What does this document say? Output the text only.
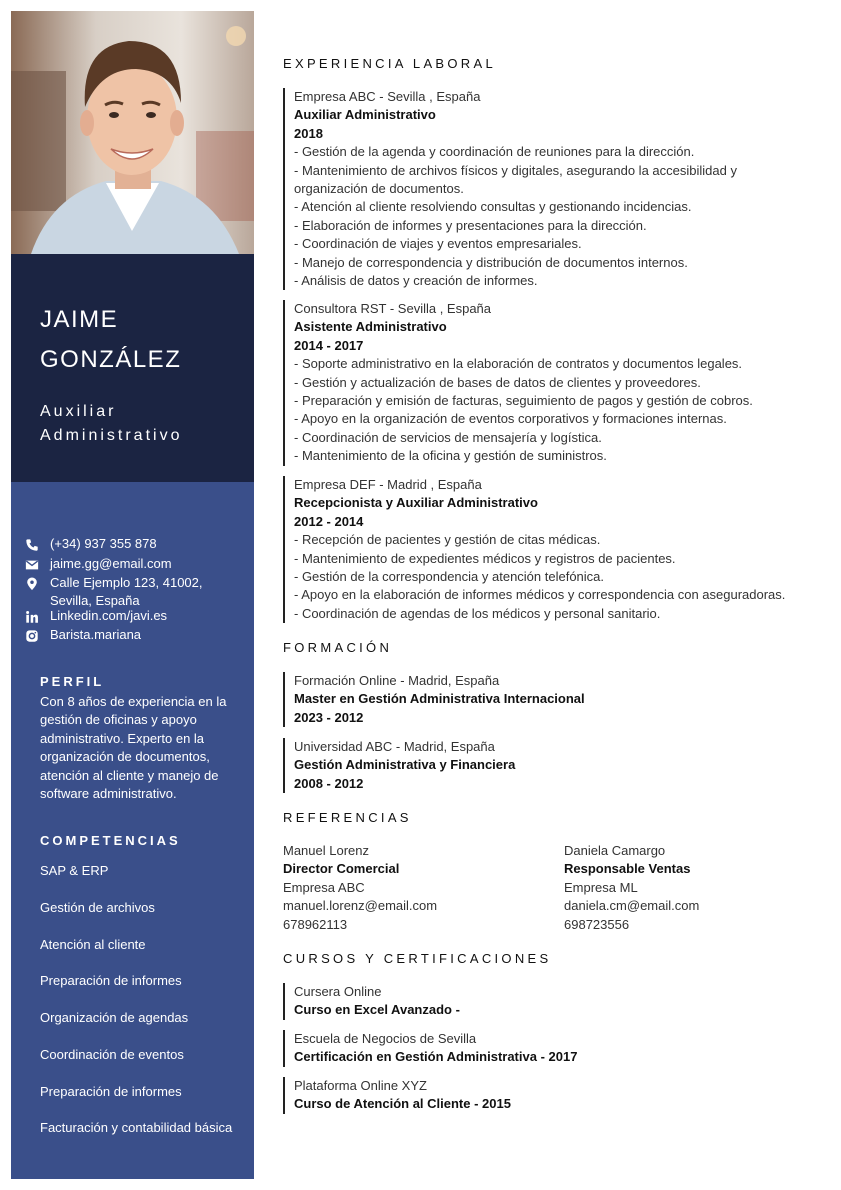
JAIME
GONZÁLEZ
Auxiliar
Administrativo
(+34) 937 355 878
jaime.gg@email.com
Calle Ejemplo 123, 41002,
Sevilla, España
Linkedin.com/javi.es
Barista.mariana
PERFIL
Con 8 años de experiencia en la gestión de oficinas y apoyo administrativo. Experto en la organización de documentos, atención al cliente y manejo de software administrativo.
COMPETENCIAS
SAP & ERP
Gestión de archivos
Atención al cliente
Preparación de informes
Organización de agendas
Coordinación de eventos
Preparación de informes
Facturación y contabilidad básica
EXPERIENCIA LABORAL
Empresa ABC - Sevilla , España
Auxiliar Administrativo
2018
- Gestión de la agenda y coordinación de reuniones para la dirección.
- Mantenimiento de archivos físicos y digitales, asegurando la accesibilidad y organización de documentos.
- Atención al cliente resolviendo consultas y gestionando incidencias.
- Elaboración de informes y presentaciones para la dirección.
- Coordinación de viajes y eventos empresariales.
- Manejo de correspondencia y distribución de documentos internos.
- Análisis de datos y creación de informes.
Consultora RST - Sevilla , España
Asistente Administrativo
2014 - 2017
- Soporte administrativo en la elaboración de contratos y documentos legales.
- Gestión y actualización de bases de datos de clientes y proveedores.
- Preparación y emisión de facturas, seguimiento de pagos y gestión de cobros.
- Apoyo en la organización de eventos corporativos y formaciones internas.
- Coordinación de servicios de mensajería y logística.
- Mantenimiento de la oficina y gestión de suministros.
Empresa DEF - Madrid , España
Recepcionista y Auxiliar Administrativo
2012 - 2014
- Recepción de pacientes y gestión de citas médicas.
- Mantenimiento de expedientes médicos y registros de pacientes.
- Gestión de la correspondencia y atención telefónica.
- Apoyo en la elaboración de informes médicos y correspondencia con aseguradoras.
- Coordinación de agendas de los médicos y personal sanitario.
FORMACIÓN
Formación Online - Madrid, España
Master en Gestión Administrativa Internacional
2023 - 2012
Universidad ABC - Madrid, España
Gestión Administrativa y Financiera
2008 - 2012
REFERENCIAS
Manuel Lorenz
Director Comercial
Empresa ABC
manuel.lorenz@email.com
678962113
Daniela Camargo
Responsable Ventas
Empresa ML
daniela.cm@email.com
698723556
CURSOS Y CERTIFICACIONES
Cursera Online
Curso en Excel Avanzado -
Escuela de Negocios de Sevilla
Certificación en Gestión Administrativa - 2017
Plataforma Online XYZ
Curso de Atención al Cliente - 2015
